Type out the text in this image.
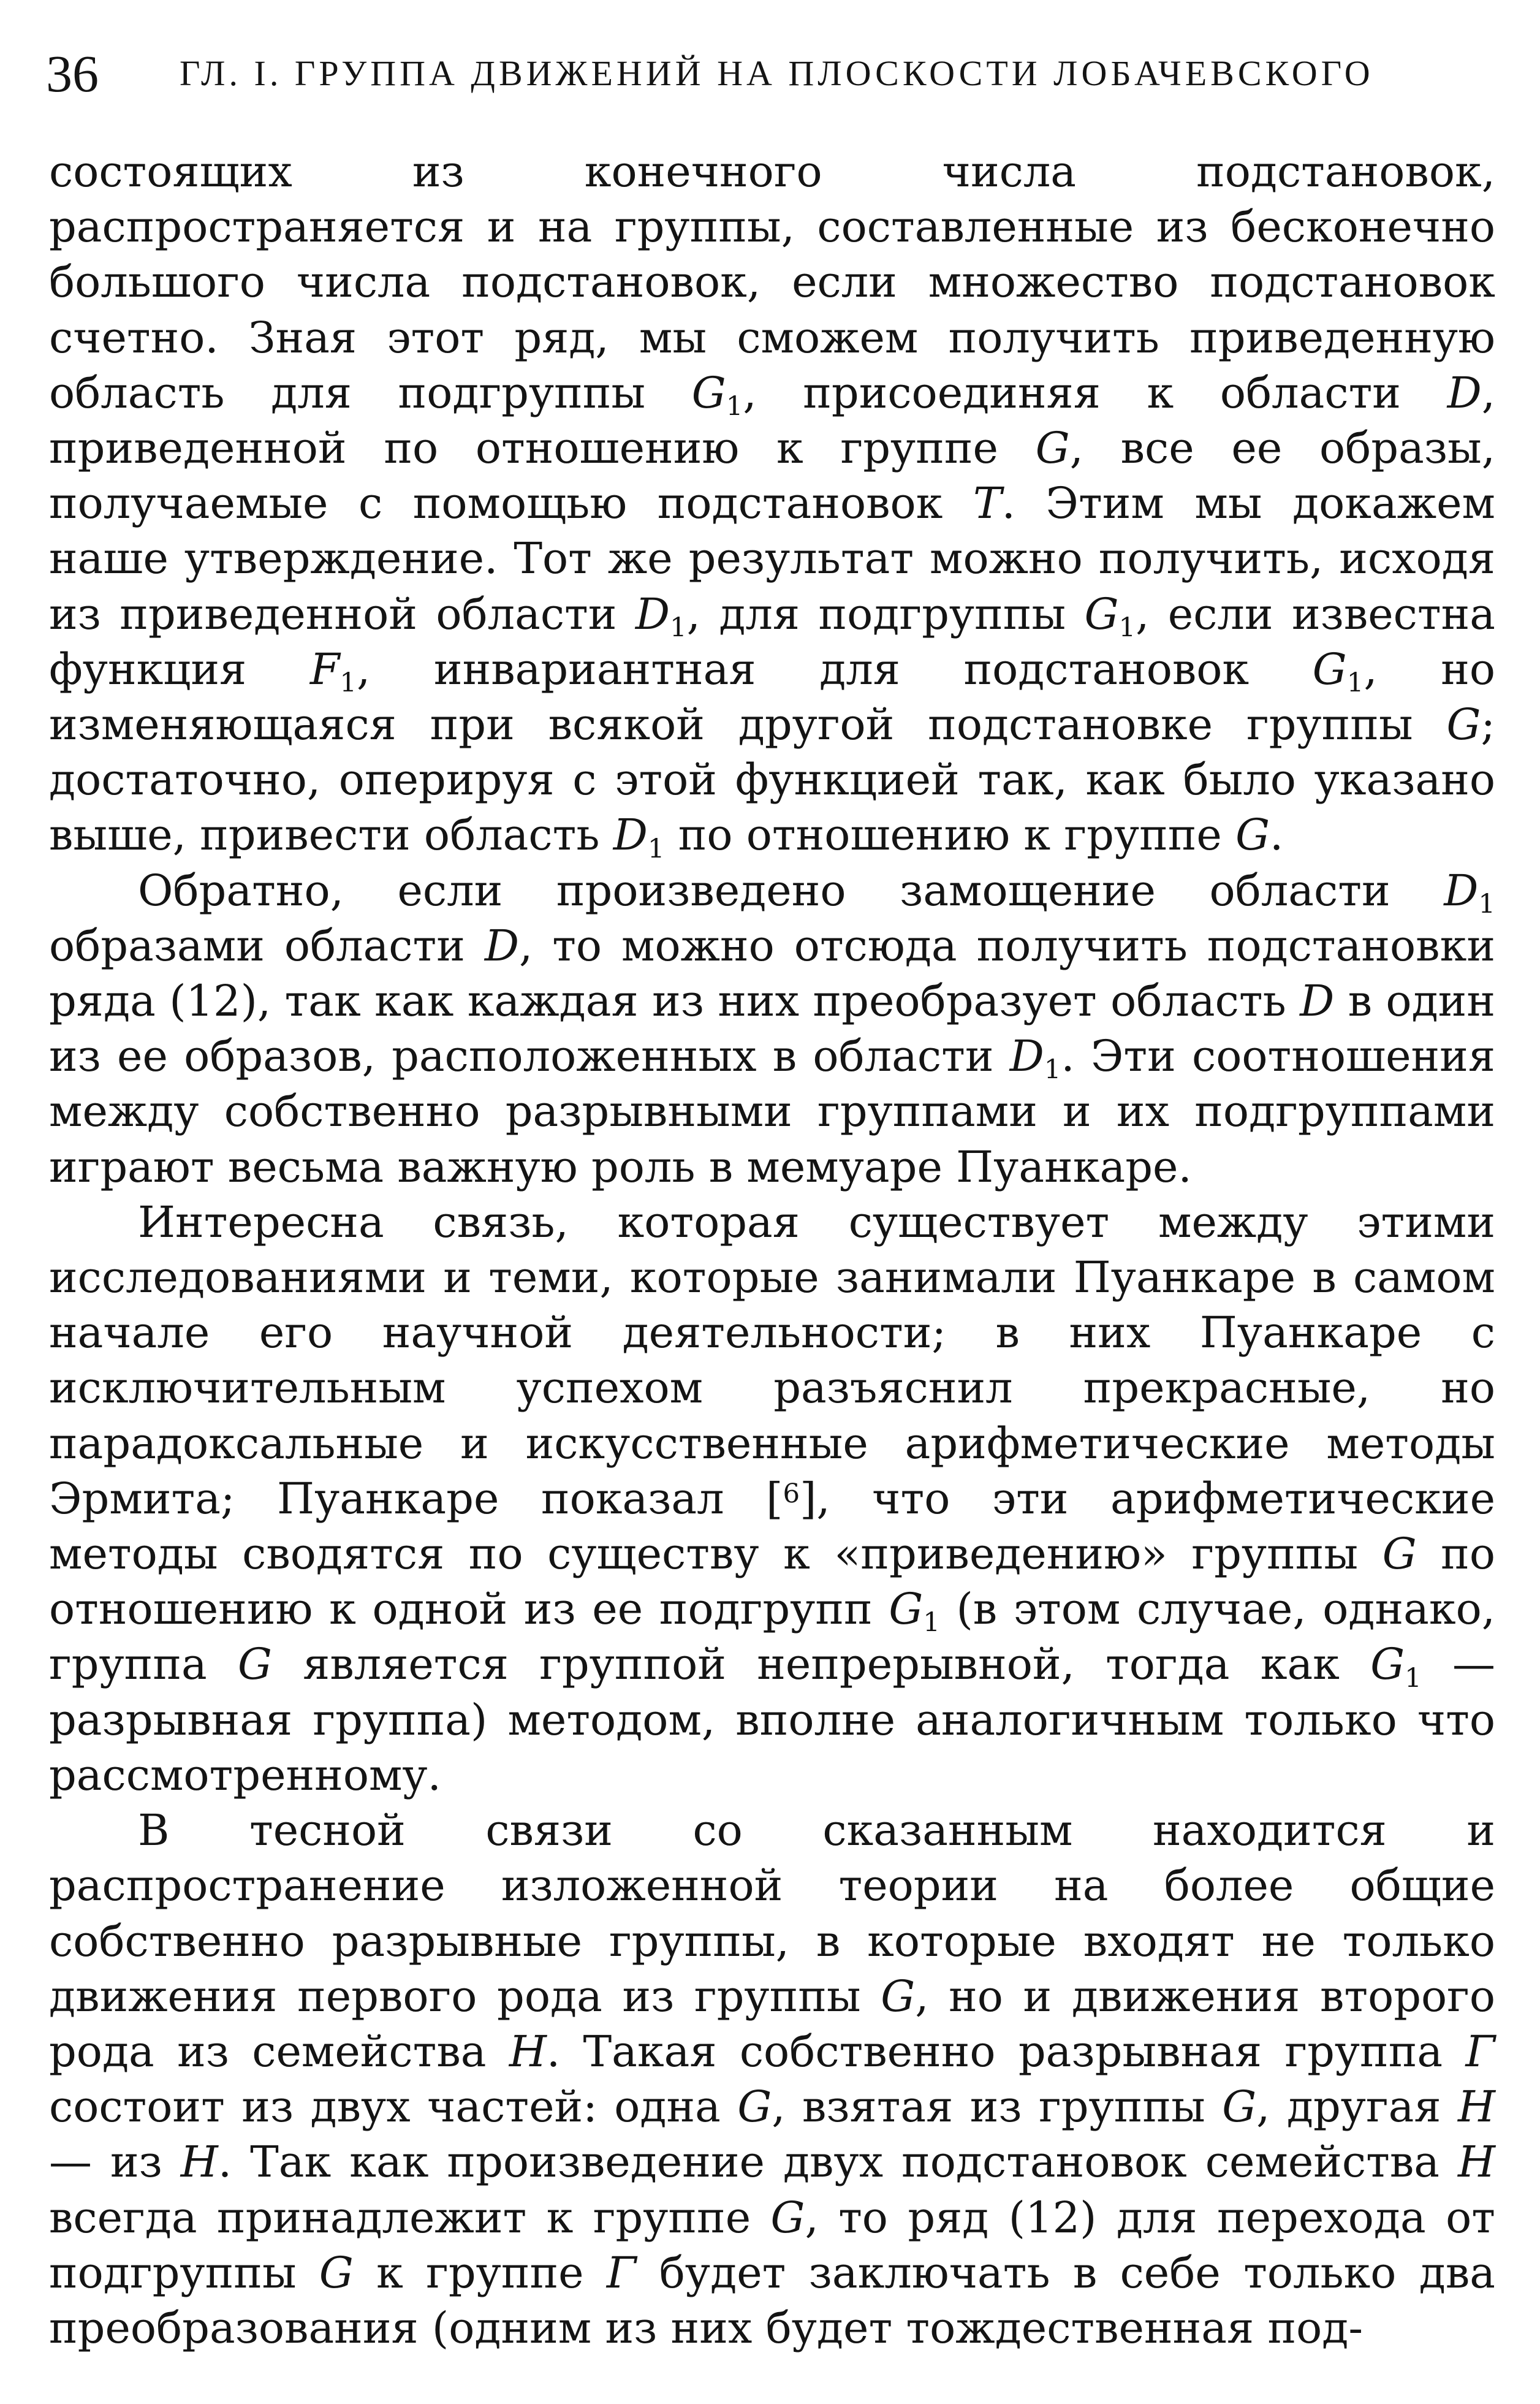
36 ГЛ. I. ГРУППА ДВИЖЕНИЙ НА ПЛОСКОСТИ ЛОБАЧЕВСКОГО

состоящих из конечного числа подстановок, распространяется и на группы, составленные из бесконечно большого числа подстановок, если множество подстановок счетно. Зная этот ряд, мы сможем получить приведенную область для подгруппы $G_1$, присоединяя к области D, приведенной по отношению к группе G, все ее образы, получаемые с помощью подстановок T. Этим мы докажем наше утверждение. Тот же результат можно получить, исходя из приведенной области $D_1$, для подгруппы $G_1$, если известна функция $F_1$, инвариантная для подстановок $G_1$, но изменяющаяся при всякой другой подстановке группы G; достаточно, оперируя с этой функцией так, как было указано выше, привести область $D_1$ по отношению к группе G.

Обратно, если произведено замощение области $D_1$ образами области D, то можно отсюда получить подстановки ряда (12), так как каждая из них преобразует область D в один из ее образов, расположенных в области $D_1$. Эти соотношения между собственно разрывными группами и их подгруппами играют весьма важную роль в мемуаре Пуанкаре.

Интересна связь, которая существует между этими исследованиями и теми, которые занимали Пуанкаре в самом начале его научной деятельности; в них Пуанкаре с исключительным успехом разъяснил прекрасные, но парадоксальные и искусственные арифметические методы Эрмита; Пуанкаре показал [$^6$], что эти арифметические методы сводятся по существу к «приведению» группы G по отношению к одной из ее подгрупп $G_1$ (в этом случае, однако, группа G является группой непрерывной, тогда как $G_1$ — разрывная группа) методом, вполне аналогичным только что рассмотренному.

В тесной связи со сказанным находится и распространение изложенной теории на более общие собственно разрывные группы, в которые входят не только движения первого рода из группы G, но и движения второго рода из семейства H. Такая собственно разрывная группа Γ состоит из двух частей: одна G, взятая из группы G, другая H — из H. Так как произведение двух подстановок семейства H всегда принадлежит к группе G, то ряд (12) для перехода от подгруппы G к группе Γ будет заключать в себе только два преобразования (одним из них будет тождественная под-
